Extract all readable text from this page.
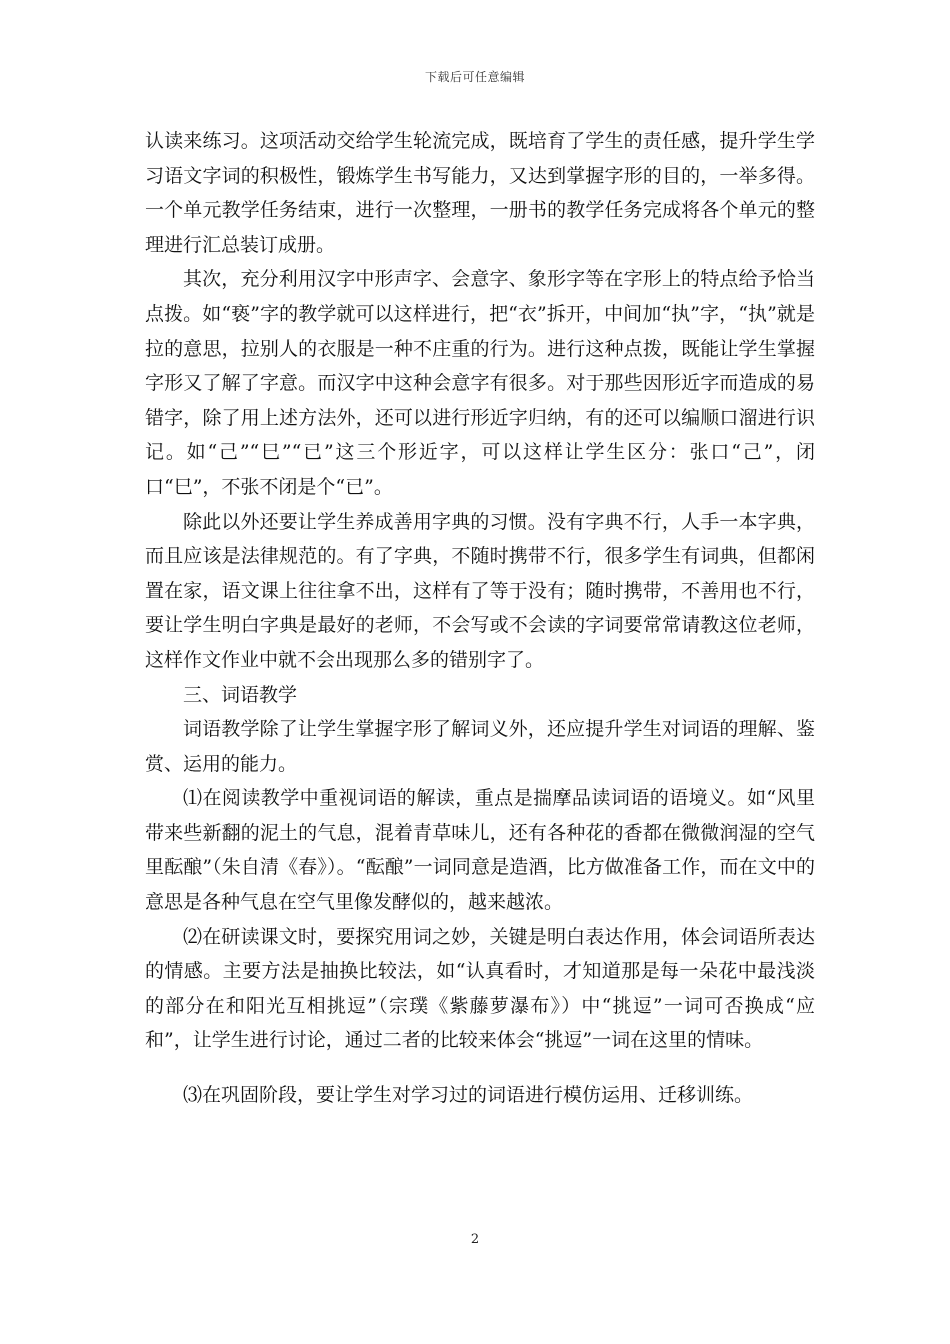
下载后可任意编辑

认读来练习。这项活动交给学生轮流完成，既培育了学生的责任感，提升学生学习语文字词的积极性，锻炼学生书写能力，又达到掌握字形的目的，一举多得。一个单元教学任务结束，进行一次整理，一册书的教学任务完成将各个单元的整理进行汇总装订成册。

其次，充分利用汉字中形声字、会意字、象形字等在字形上的特点给予恰当点拨。如“亵”字的教学就可以这样进行，把“衣”拆开，中间加“执”字，“执”就是拉的意思，拉别人的衣服是一种不庄重的行为。进行这种点拨，既能让学生掌握字形又了解了字意。而汉字中这种会意字有很多。对于那些因形近字而造成的易错字，除了用上述方法外，还可以进行形近字归纳，有的还可以编顺口溜进行识记。如“己”“巳”“已”这三个形近字，可以这样让学生区分：张口“己”，闭口“巳”，不张不闭是个“已”。

除此以外还要让学生养成善用字典的习惯。没有字典不行，人手一本字典，而且应该是法律规范的。有了字典，不随时携带不行，很多学生有词典，但都闲置在家，语文课上往往拿不出，这样有了等于没有；随时携带，不善用也不行，要让学生明白字典是最好的老师，不会写或不会读的字词要常常请教这位老师，这样作文作业中就不会出现那么多的错别字了。

三、词语教学

词语教学除了让学生掌握字形了解词义外，还应提升学生对词语的理解、鉴赏、运用的能力。

⑴在阅读教学中重视词语的解读，重点是揣摩品读词语的语境义。如“风里带来些新翻的泥土的气息，混着青草味儿，还有各种花的香都在微微润湿的空气里酝酿”（朱自清《春》）。“酝酿”一词同意是造酒，比方做准备工作，而在文中的意思是各种气息在空气里像发酵似的，越来越浓。

⑵在研读课文时，要探究用词之妙，关键是明白表达作用，体会词语所表达的情感。主要方法是抽换比较法，如“认真看时，才知道那是每一朵花中最浅淡的部分在和阳光互相挑逗”（宗璞《紫藤萝瀑布》）中“挑逗”一词可否换成“应和”，让学生进行讨论，通过二者的比较来体会“挑逗”一词在这里的情味。

⑶在巩固阶段，要让学生对学习过的词语进行模仿运用、迁移训练。

2
